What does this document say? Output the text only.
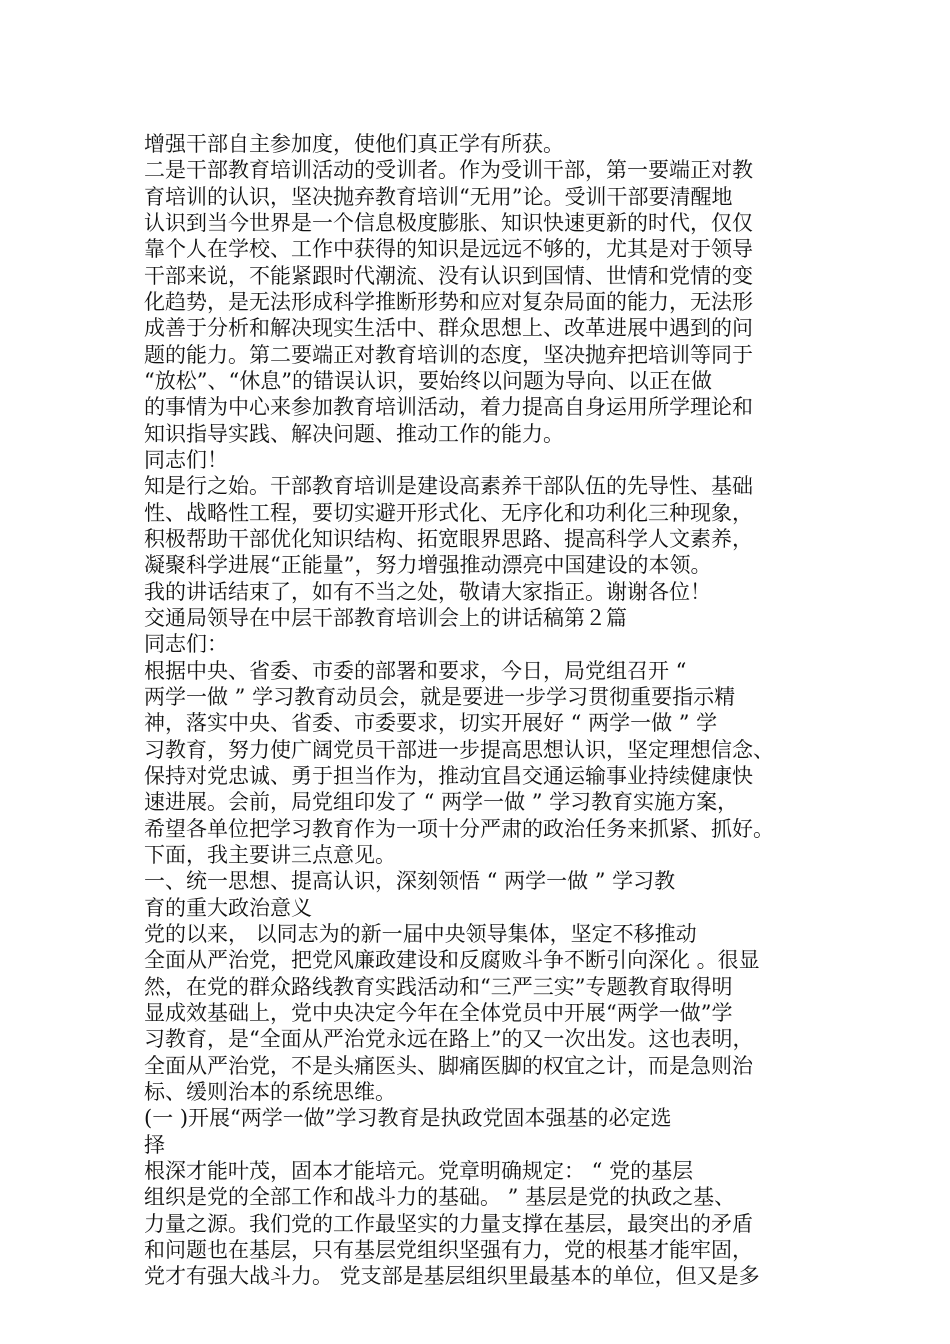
增强干部自主参加度，使他们真正学有所获。
二是干部教育培训活动的受训者。作为受训干部，第一要端正对教
育培训的认识，坚决抛弃教育培训“无用”论。受训干部要清醒地
认识到当今世界是一个信息极度膨胀、知识快速更新的时代，仅仅
靠个人在学校、工作中获得的知识是远远不够的，尤其是对于领导
干部来说，不能紧跟时代潮流、没有认识到国情、世情和党情的变
化趋势，是无法形成科学推断形势和应对复杂局面的能力，无法形
成善于分析和解决现实生活中、群众思想上、改革进展中遇到的问
题的能力。第二要端正对教育培训的态度，坚决抛弃把培训等同于
“放松”、“休息”的错误认识，要始终以问题为导向、以正在做
的事情为中心来参加教育培训活动，着力提高自身运用所学理论和
知识指导实践、解决问题、推动工作的能力。
同志们！
知是行之始。干部教育培训是建设高素养干部队伍的先导性、基础
性、战略性工程，要切实避开形式化、无序化和功利化三种现象，
积极帮助干部优化知识结构、拓宽眼界思路、提高科学人文素养，
凝聚科学进展“正能量”，努力增强推动漂亮中国建设的本领。
我的讲话结束了，如有不当之处，敬请大家指正。谢谢各位！
交通局领导在中层干部教育培训会上的讲话稿第２篇
同志们：
根据中央、省委、市委的部署和要求，今日，局党组召开 “
两学一做 ” 学习教育动员会，就是要进一步学习贯彻重要指示精
神，落实中央、省委、市委要求，切实开展好 “ 两学一做 ” 学
习教育，努力使广阔党员干部进一步提高思想认识，坚定理想信念、
保持对党忠诚、勇于担当作为，推动宜昌交通运输事业持续健康快
速进展。会前，局党组印发了 “ 两学一做 ” 学习教育实施方案，
希望各单位把学习教育作为一项十分严肃的政治任务来抓紧、抓好。
下面，我主要讲三点意见。
一、统一思想、提高认识，深刻领悟 “ 两学一做 ” 学习教
育的重大政治意义
党的以来， 以同志为的新一届中央领导集体，坚定不移推动
全面从严治党，把党风廉政建设和反腐败斗争不断引向深化 。很显
然，在党的群众路线教育实践活动和“三严三实”专题教育取得明
显成效基础上，党中央决定今年在全体党员中开展“两学一做”学
习教育，是“全面从严治党永远在路上”的又一次出发。这也表明，
全面从严治党，不是头痛医头、脚痛医脚的权宜之计，而是急则治
标、缓则治本的系统思维。
(一 )开展“两学一做”学习教育是执政党固本强基的必定选
择
根深才能叶茂，固本才能培元。党章明确规定： “ 党的基层
组织是党的全部工作和战斗力的基础。 ” 基层是党的执政之基、
力量之源。我们党的工作最坚实的力量支撑在基层，最突出的矛盾
和问题也在基层，只有基层党组织坚强有力，党的根基才能牢固，
党才有强大战斗力。 党支部是基层组织里最基本的单位，但又是多
